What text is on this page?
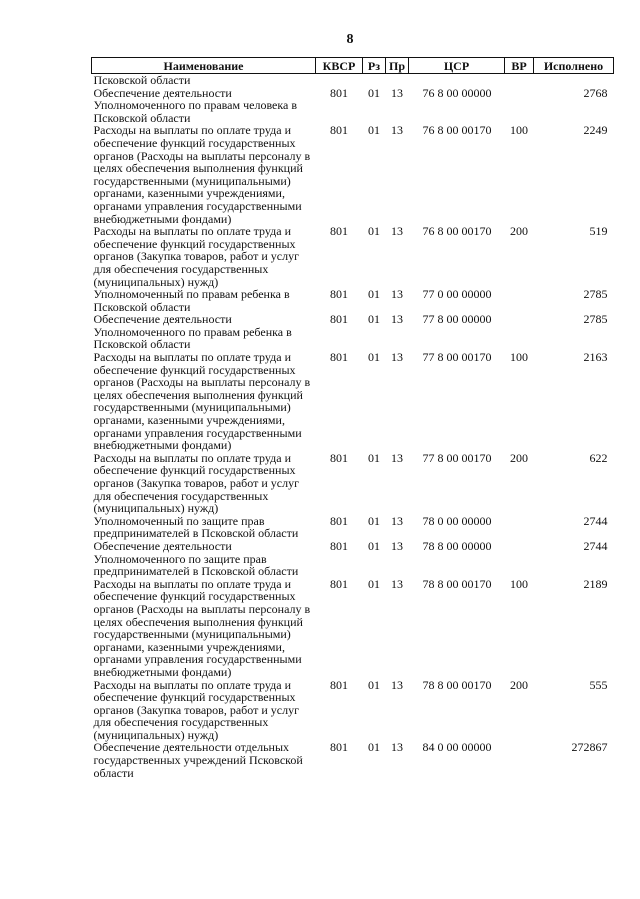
8
Наименование	КВСР	Рз	Пр	ЦСР	ВР	Исполнено
Псковской области						
Обеспечение деятельности Уполномоченного по правам человека в Псковской области	801	01	13	76 8 00 00000		2768
Расходы на выплаты по оплате труда и обеспечение функций государственных органов (Расходы на выплаты персоналу в целях обеспечения выполнения функций государственными (муниципальными) органами, казенными учреждениями, органами управления государственными внебюджетными фондами)	801	01	13	76 8 00 00170	100	2249
Расходы на выплаты по оплате труда и обеспечение функций государственных органов (Закупка товаров, работ и услуг для обеспечения государственных (муниципальных) нужд)	801	01	13	76 8 00 00170	200	519
Уполномоченный по правам ребенка в Псковской области	801	01	13	77 0 00 00000		2785
Обеспечение деятельности Уполномоченного по правам ребенка в Псковской области	801	01	13	77 8 00 00000		2785
Расходы на выплаты по оплате труда и обеспечение функций государственных органов (Расходы на выплаты персоналу в целях обеспечения выполнения функций государственными (муниципальными) органами, казенными учреждениями, органами управления государственными внебюджетными фондами)	801	01	13	77 8 00 00170	100	2163
Расходы на выплаты по оплате труда и обеспечение функций государственных органов (Закупка товаров, работ и услуг для обеспечения государственных (муниципальных) нужд)	801	01	13	77 8 00 00170	200	622
Уполномоченный по защите прав предпринимателей в Псковской области	801	01	13	78 0 00 00000		2744
Обеспечение деятельности Уполномоченного по защите прав предпринимателей в Псковской области	801	01	13	78 8 00 00000		2744
Расходы на выплаты по оплате труда и обеспечение функций государственных органов (Расходы на выплаты персоналу в целях обеспечения выполнения функций государственными (муниципальными) органами, казенными учреждениями, органами управления государственными внебюджетными фондами)	801	01	13	78 8 00 00170	100	2189
Расходы на выплаты по оплате труда и обеспечение функций государственных органов (Закупка товаров, работ и услуг для обеспечения государственных (муниципальных) нужд)	801	01	13	78 8 00 00170	200	555
Обеспечение деятельности отдельных государственных учреждений Псковской области	801	01	13	84 0 00 00000		272867
